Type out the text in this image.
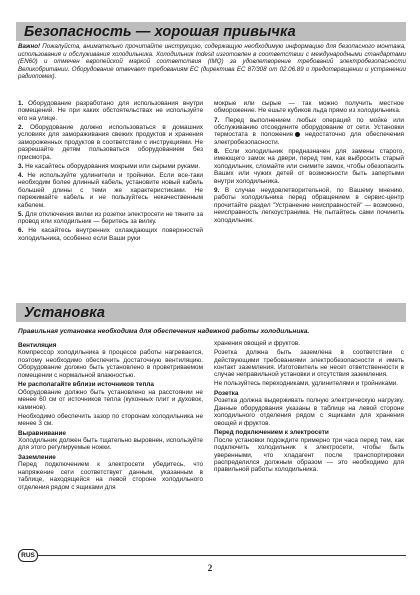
Безопасность — хорошая привычка
Важно! Пожалуйста, внимательно прочитайте инструкцию, содержащую необходимую информацию для безопасного монтажа, использования и обслуживания холодильника. Холодильник Indesit изготовлен в соответствии с международными стандартами (EN60) и отмечен европейской маркой соответствия (IMQ) за удовлетворение требований электробезопасности Великобритании. Оборудование отвечает требованиям ЕС (директива ЕС 87/308 от 02.06.89 о предотвращении и устранении радиопомех).

1. Оборудование разработано для использования внутри помещений. Не при каких обстоятельствах не используйте его на улице.

2. Оборудование должно использоваться в домашних условиях для замораживания свежих продуктов и хранения замороженных продуктов в соответствии с инструкциями. Не разрешайте детям пользоваться оборудованием без присмотра.

3. Не касайтесь оборудования мокрыми или сырыми руками.

4. Не используйте удлинители и тройники. Если все-таки необходим более длинный кабель, установите новый кабель большей длины с теми же характеристиками. Не пережимайте кабель и не пользуйтесь некачественным кабелем.

5. Для отключения вилки из розетки электросети не тяните за провод или холодильник — беритесь за вилку.

6. Не касайтесь внутренних охлаждающих поверхностей холодильника, особенно если Ваши руки

мокрые или сырые — так можно получить местное обморожение. Не ешьте кубиков льда прямо из холодильника.

7. Перед выполнением любых операций по мойке или обслуживанию отсоедините оборудование от сети. Установки термостата в положение недостаточно для обеспечения электробезопасности.

8. Если холодильник предназначен для замены старого, имеющего замок на двери, перед тем, как выбросить старый холодильник, сломайте или снимите замок, чтобы обезопасить Ваших или чужих детей от возможности быть запертыми внутри холодильника.

9. В случае неудовлетворительной, по Вашему мнению, работы холодильника перед обращением в сервис-центр прочитайте раздел "Устранение неисправностей" — возможно, неисправность легкоустранима. Не пытайтесь сами починить холодильник.

Установка
Правильная установка необходима для обеспечения надежной работы холодильника.
Вентиляция

Компрессор холодильника в процессе работы нагревается, поэтому необходимо обеспечить достаточную вентиляцию. Оборудование должно быть установлено в проветриваемом помещении с нормальной влажностью.

Не располагайте вблизи источников тепла

Оборудование должно быть установлено на расстоянии не менее 60 см от источников тепла (кухонных плит и духовок, каминов).

Необходимо обеспечить зазор по сторонам холодильника не менее 3 см.

Выравнивание

Холодильник должен быть тщательно выровнен, используйте для этого регулируемые ножки.

Заземление

Перед подключением к электросети убедитесь, что напряжение сети соответствует данным, указанным в таблице, находящейся на левой стороне холодильного отделения рядом с ящиками для

хранения овощей и фруктов.

Розетка должна быть заземлена в соответствии с действующими требованиями электробезопасности и иметь контакт заземления. Изготовитель не несет ответственности в случае неправильной установки и отсутствия заземления.

Не пользуйтесь переходниками, удлинителями и тройниками.

Розетка

Розетка должна выдерживать полную электрическую нагрузку. Данные оборудования указаны в таблице на левой стороне холодильного отделения рядом с ящиками для хранения овощей и фруктов.

Перед подключением к электросети

После установки подождите примерно три часа перед тем, как подключить холодильник к электросети, чтобы быть уверенными, что хладагент после транспортировки распределился должным образом — это необходимо для правильной работы холодильника.

RUS
2
